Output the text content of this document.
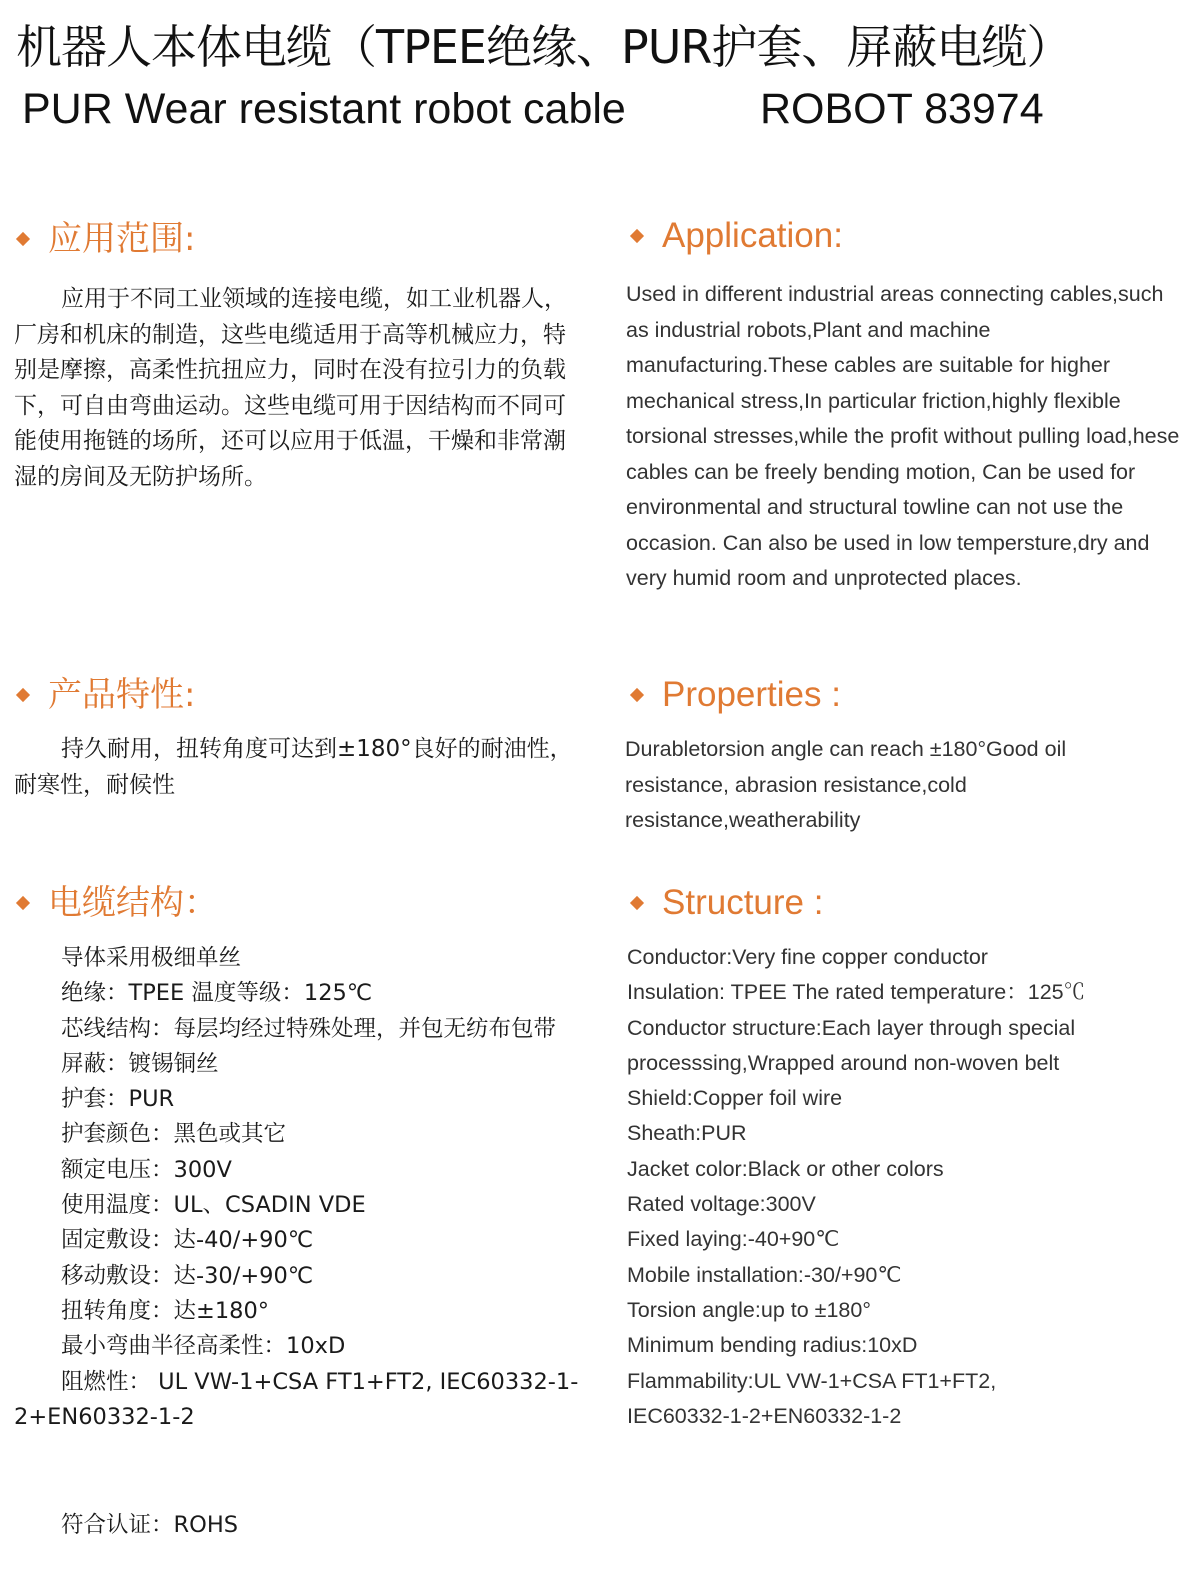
机器人本体电缆（TPEE绝缘、PUR护套、屏蔽电缆）
PUR Wear resistant robot cable	ROBOT 83974
应用范围:	Application:
应用于不同工业领域的连接电缆，如工业机器人，厂房和机床的制造，这些电缆适用于高等机械应力，特别是摩擦，高柔性抗扭应力，同时在没有拉引力的负载下，可自由弯曲运动。这些电缆可用于因结构而不同可能使用拖链的场所，还可以应用于低温，干燥和非常潮湿的房间及无防护场所。
Used in different industrial areas connecting cables,such as industrial robots,Plant and machine manufacturing.These cables are suitable for higher mechanical stress,In particular friction,highly flexible torsional stresses,while the profit without pulling load,hese cables can be freely bending motion, Can be used for environmental and structural towline can not use the occasion. Can also be used in low tempersture,dry and very humid room and unprotected places.
产品特性:	Properties :
持久耐用，扭转角度可达到±180°良好的耐油性，耐寒性，耐候性
Durabletorsion angle can reach ±180°Good oil resistance, abrasion resistance,cold resistance,weatherability
电缆结构：	Structure :
导体采用极细单丝
绝缘：TPEE 温度等级：125℃
芯线结构：每层均经过特殊处理，并包无纺布包带
屏蔽：镀锡铜丝
护套：PUR
护套颜色：黑色或其它
额定电压：300V
使用温度：UL、CSADIN VDE
固定敷设：达-40/+90℃
移动敷设：达-30/+90℃
扭转角度：达±180°
最小弯曲半径高柔性：10xD
阻燃性： UL VW-1+CSA FT1+FT2, IEC60332-1-2+EN60332-1-2
Conductor:Very fine copper conductor
Insulation: TPEE The rated temperature：125℃
Conductor structure:Each layer through special
processsing,Wrapped around non-woven belt
Shield:Copper foil wire
Sheath:PUR
Jacket color:Black or other colors
Rated voltage:300V
Fixed laying:-40+90℃
Mobile installation:-30/+90℃
Torsion angle:up to ±180°
Minimum bending radius:10xD
Flammability:UL VW-1+CSA FT1+FT2,
IEC60332-1-2+EN60332-1-2
符合认证：ROHS
